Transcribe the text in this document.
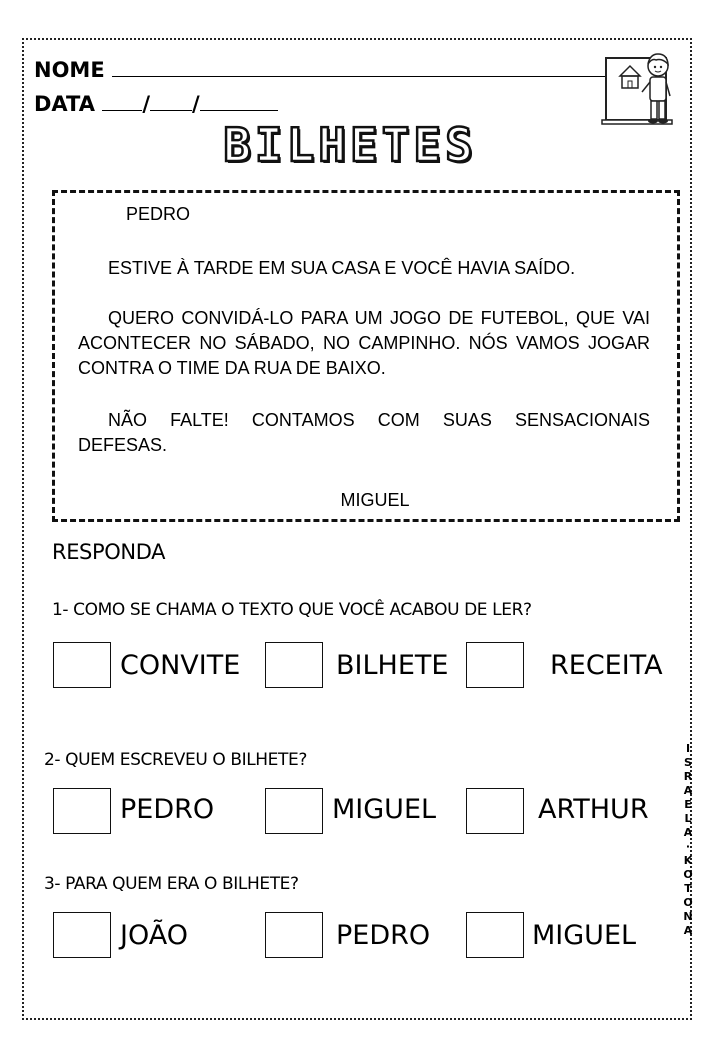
NOME
DATA / /
BILHETES
PEDRO
ESTIVE À TARDE EM SUA CASA E VOCÊ HAVIA SAÍDO.
QUERO CONVIDÁ-LO PARA UM JOGO DE FUTEBOL, QUE VAI ACONTECER NO SÁBADO, NO CAMPINHO. NÓS VAMOS JOGAR CONTRA O TIME DA RUA DE BAIXO.
NÃO FALTE! CONTAMOS COM SUAS SENSACIONAIS DEFESAS.
MIGUEL
RESPONDA
1- COMO SE CHAMA O TEXTO QUE VOCÊ ACABOU DE LER?
CONVITE	BILHETE	RECEITA
2- QUEM ESCREVEU O BILHETE?
PEDRO	MIGUEL	ARTHUR
3- PARA QUEM ERA O BILHETE?
JOÃO	PEDRO	MIGUEL
I
S
R
A
E
L
A
·
K
O
T
O
N
A
